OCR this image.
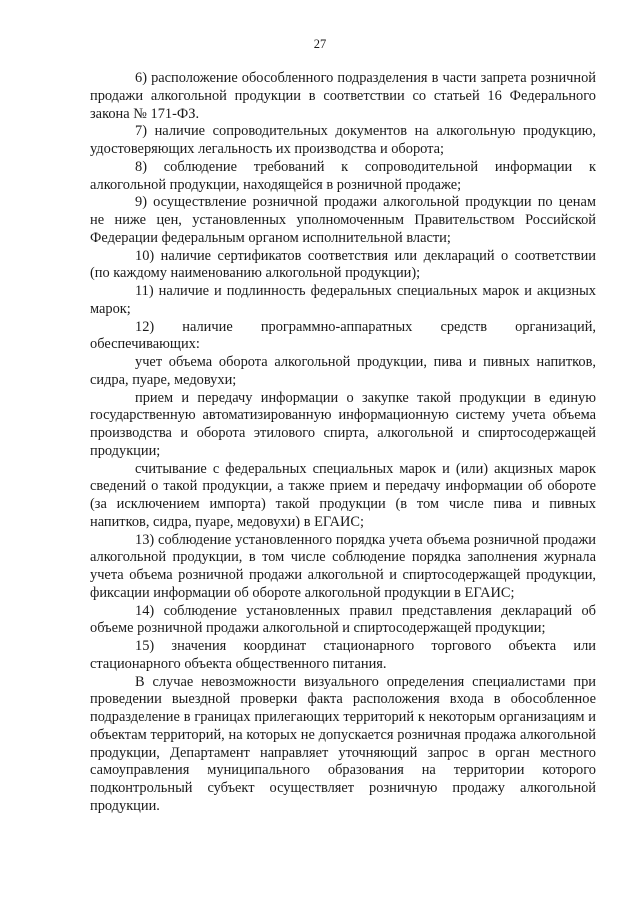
27

6) расположение обособленного подразделения в части запрета розничной продажи алкогольной продукции в соответствии со статьей 16 Федерального закона № 171-ФЗ.

7) наличие сопроводительных документов на алкогольную продукцию, удостоверяющих легальность их производства и оборота;

8) соблюдение требований к сопроводительной информации к алкогольной продукции, находящейся в розничной продаже;

9) осуществление розничной продажи алкогольной продукции по ценам не ниже цен, установленных уполномоченным Правительством Российской Федерации федеральным органом исполнительной власти;

10) наличие сертификатов соответствия или деклараций о соответствии (по каждому наименованию алкогольной продукции);

11) наличие и подлинность федеральных специальных марок и акцизных марок;

12) наличие программно-аппаратных средств организаций, обеспечивающих:

учет объема оборота алкогольной продукции, пива и пивных напитков, сидра, пуаре, медовухи;

прием и передачу информации о закупке такой продукции в единую государственную автоматизированную информационную систему учета объема производства и оборота этилового спирта, алкогольной и спиртосодержащей продукции;

считывание с федеральных специальных марок и (или) акцизных марок сведений о такой продукции, а также прием и передачу информации об обороте (за исключением импорта) такой продукции (в том числе пива и пивных напитков, сидра, пуаре, медовухи) в ЕГАИС;

13) соблюдение установленного порядка учета объема розничной продажи алкогольной продукции, в том числе соблюдение порядка заполнения журнала учета объема розничной продажи алкогольной и спиртосодержащей продукции, фиксации информации об обороте алкогольной продукции в ЕГАИС;

14) соблюдение установленных правил представления деклараций об объеме розничной продажи алкогольной и спиртосодержащей продукции;

15) значения координат стационарного торгового объекта или стационарного объекта общественного питания.

В случае невозможности визуального определения специалистами при проведении выездной проверки факта расположения входа в обособленное подразделение в границах прилегающих территорий к некоторым организациям и объектам территорий, на которых не допускается розничная продажа алкогольной продукции, Департамент направляет уточняющий запрос в орган местного самоуправления муниципального образования на территории которого подконтрольный субъект осуществляет розничную продажу алкогольной продукции.
